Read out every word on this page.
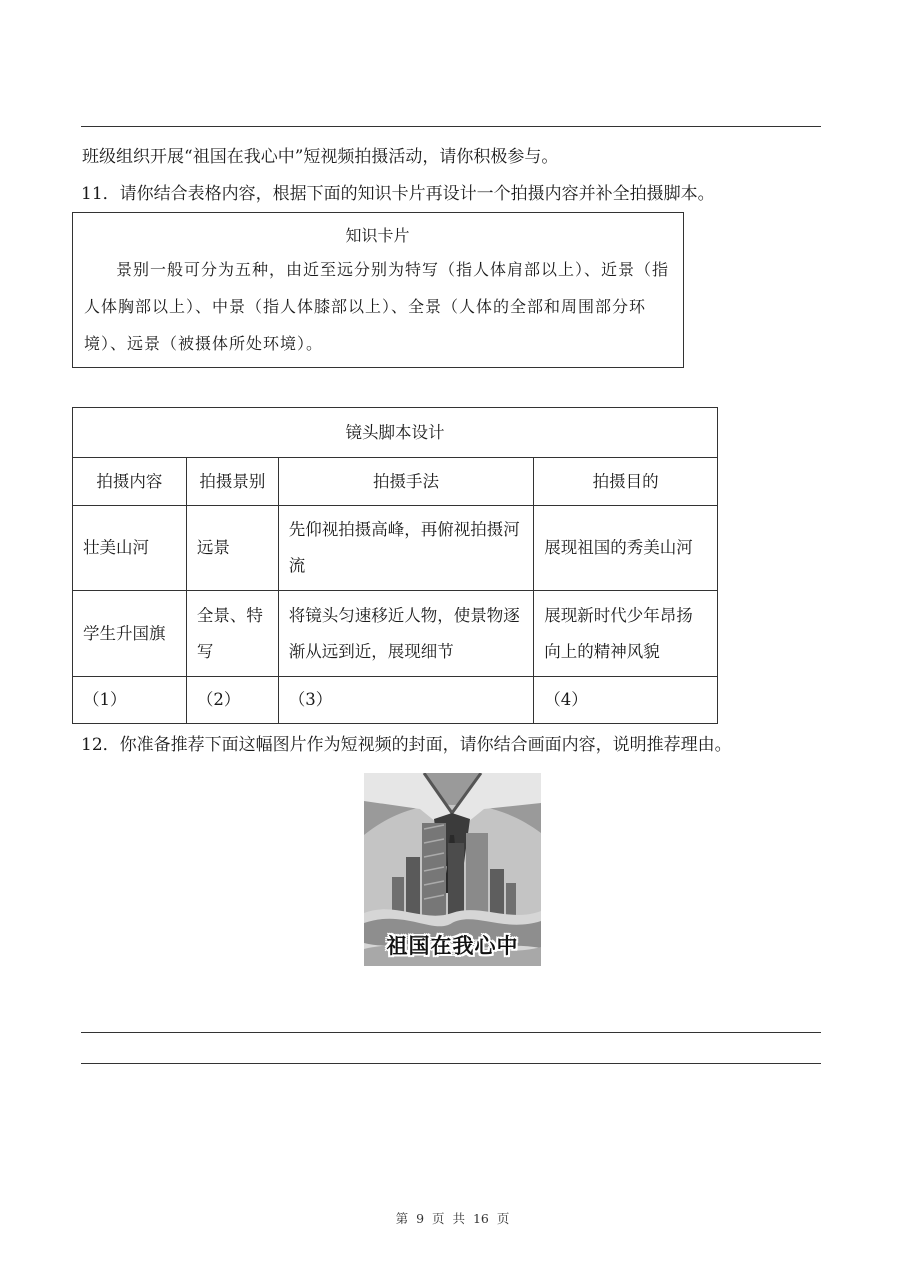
班级组织开展“祖国在我心中”短视频拍摄活动，请你积极参与。
11．请你结合表格内容，根据下面的知识卡片再设计一个拍摄内容并补全拍摄脚本。
知识卡片
景别一般可分为五种，由近至远分别为特写（指人体肩部以上）、近景（指人体胸部以上）、中景（指人体膝部以上）、全景（人体的全部和周围部分环境）、远景（被摄体所处环境）。
镜头脚本设计			
拍摄内容	拍摄景别	拍摄手法	拍摄目的
壮美山河	远景	先仰视拍摄高峰，再俯视拍摄河流	展现祖国的秀美山河
学生升国旗	全景、特写	将镜头匀速移近人物，使景物逐渐从远到近，展现细节	展现新时代少年昂扬向上的精神风貌
（1）	（2）	（3）	（4）
12．你准备推荐下面这幅图片作为短视频的封面，请你结合画面内容，说明推荐理由。
祖国在我心中
第 9 页 共 16 页
